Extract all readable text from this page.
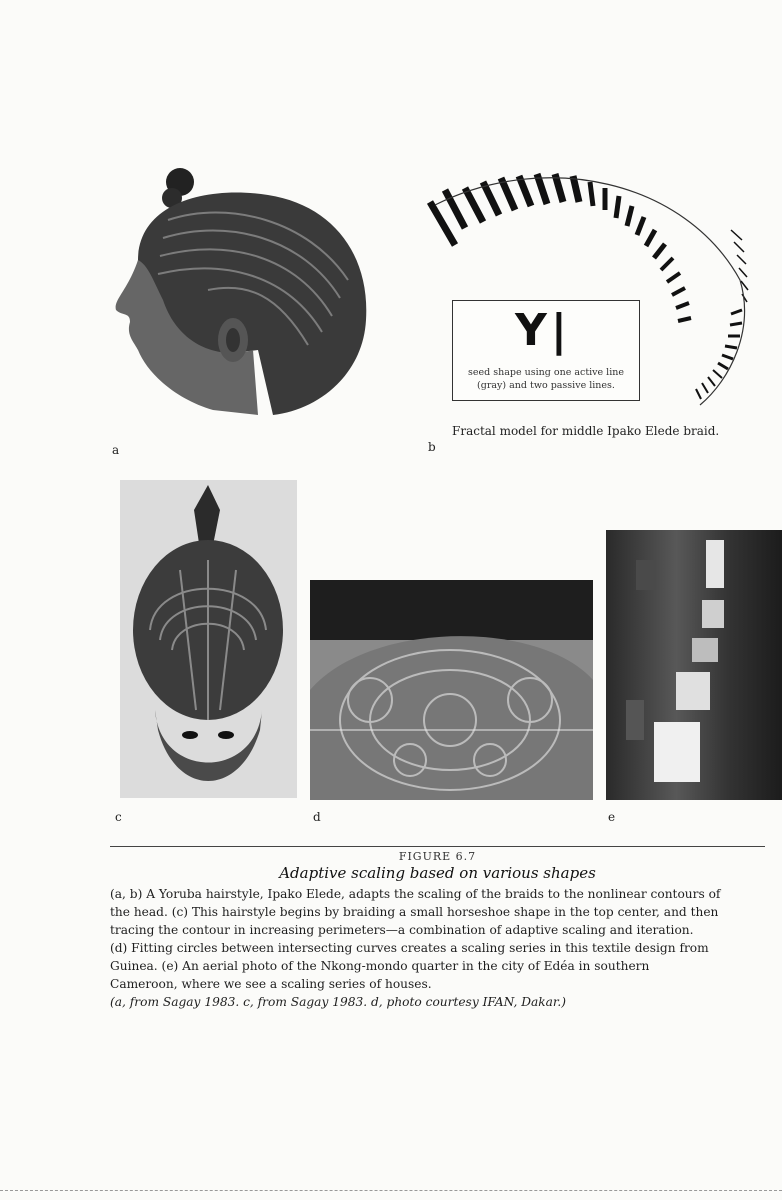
a
Y|
seed shape using one active line
(gray) and two passive lines.
Fractal model for middle Ipako Elede braid.
b
c	d	e
FIGURE 6.7
Adaptive scaling based on various shapes

(a, b) A Yoruba hairstyle, Ipako Elede, adapts the scaling of the braids to the nonlinear contours of

the head. (c) This hairstyle begins by braiding a small horseshoe shape in the top center, and then

tracing the contour in increasing perimeters—a combination of adaptive scaling and iteration.

(d) Fitting circles between intersecting curves creates a scaling series in this textile design from

Guinea. (e) An aerial photo of the Nkong-mondo quarter in the city of Edéa in southern

Cameroon, where we see a scaling series of houses.

(a, from Sagay 1983. c, from Sagay 1983. d, photo courtesy IFAN, Dakar.)
